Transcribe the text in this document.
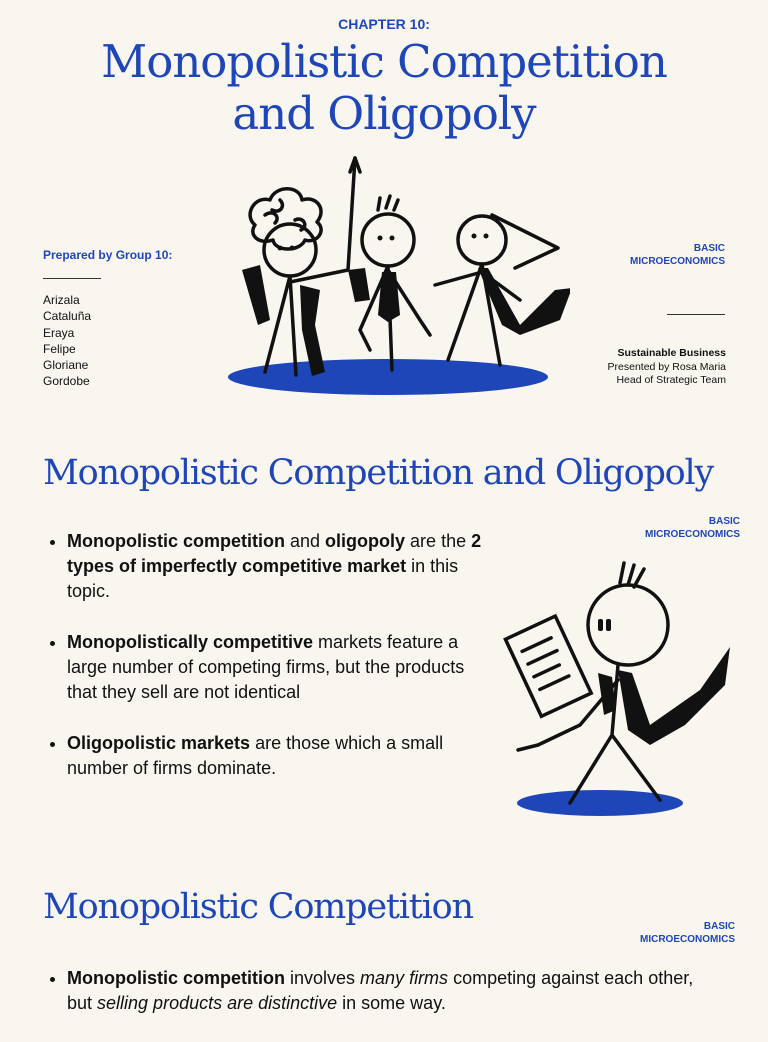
CHAPTER 10:
Monopolistic Competition
and Oligopoly
Prepared by Group 10:
Arizala
Cataluña
Eraya
Felipe
Gloriane
Gordobe
BASIC
MICROECONOMICS
Sustainable Business
Presented by Rosa Maria
Head of Strategic Team
Monopolistic Competition and Oligopoly
BASIC
MICROECONOMICS
• Monopolistic competition and oligopoly are the 2 types of imperfectly competitive market in this topic.
• Monopolistically competitive markets feature a large number of competing firms, but the products that they sell are not identical
• Oligopolistic markets are those which a small number of firms dominate.
Monopolistic Competition	BASIC
MICROECONOMICS
• Monopolistic competition involves many firms competing against each other, but selling products are distinctive in some way.
